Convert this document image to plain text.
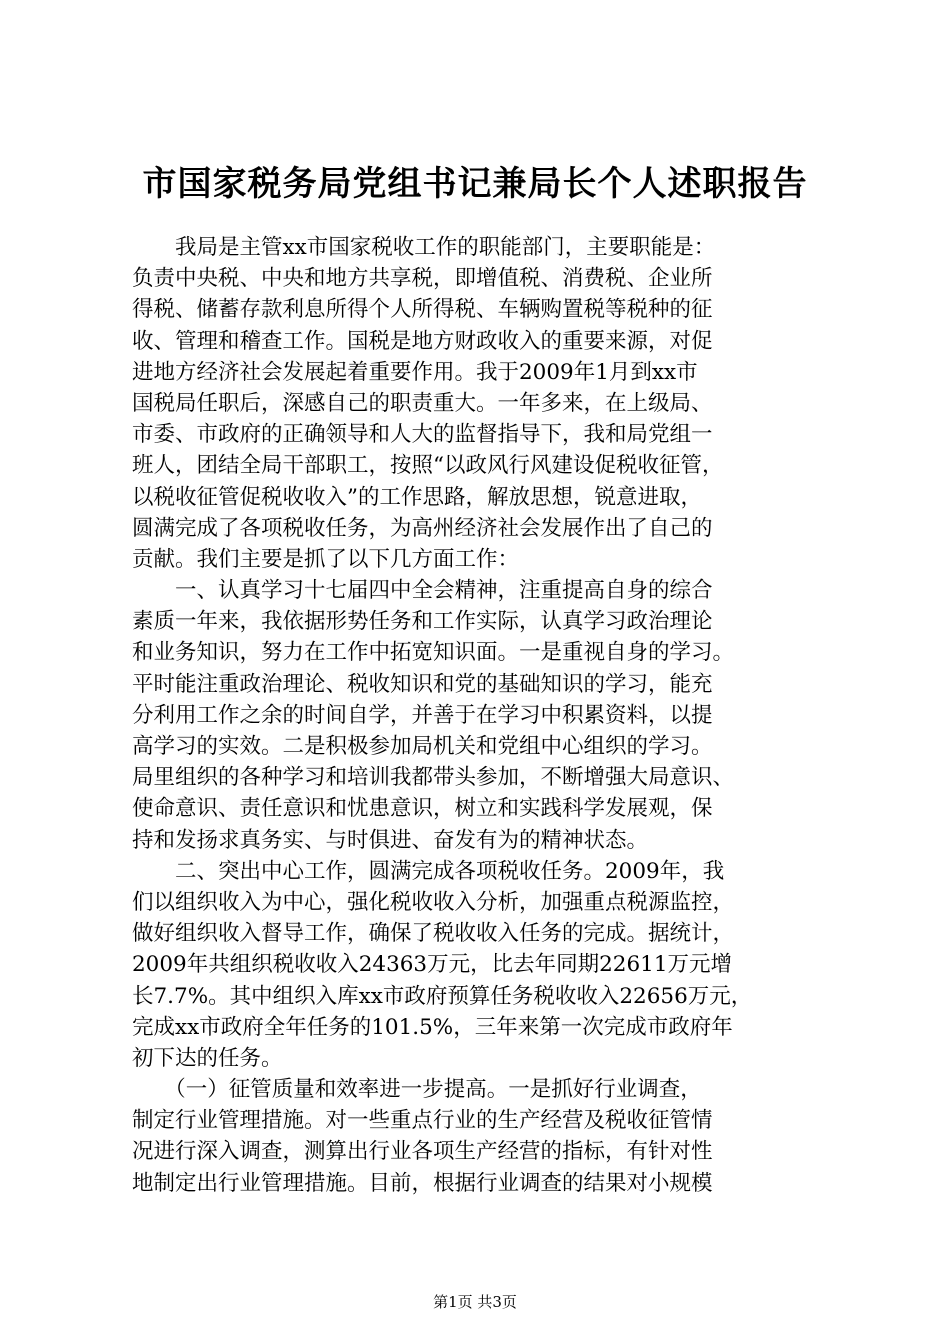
市国家税务局党组书记兼局长个人述职报告
　　我局是主管xx市国家税收工作的职能部门，主要职能是：
负责中央税、中央和地方共享税，即增值税、消费税、企业所
得税、储蓄存款利息所得个人所得税、车辆购置税等税种的征
收、管理和稽查工作。国税是地方财政收入的重要来源，对促
进地方经济社会发展起着重要作用。我于2009年1月到xx市
国税局任职后，深感自己的职责重大。一年多来，在上级局、
市委、市政府的正确领导和人大的监督指导下，我和局党组一
班人，团结全局干部职工，按照“以政风行风建设促税收征管，
以税收征管促税收收入”的工作思路，解放思想，锐意进取，
圆满完成了各项税收任务，为高州经济社会发展作出了自己的
贡献。我们主要是抓了以下几方面工作：
　　一、认真学习十七届四中全会精神，注重提高自身的综合
素质一年来，我依据形势任务和工作实际，认真学习政治理论
和业务知识，努力在工作中拓宽知识面。一是重视自身的学习。
平时能注重政治理论、税收知识和党的基础知识的学习，能充
分利用工作之余的时间自学，并善于在学习中积累资料，以提
高学习的实效。二是积极参加局机关和党组中心组织的学习。
局里组织的各种学习和培训我都带头参加，不断增强大局意识、
使命意识、责任意识和忧患意识，树立和实践科学发展观，保
持和发扬求真务实、与时俱进、奋发有为的精神状态。
　　二、突出中心工作，圆满完成各项税收任务。2009年，我
们以组织收入为中心，强化税收收入分析，加强重点税源监控，
做好组织收入督导工作，确保了税收收入任务的完成。据统计，
2009年共组织税收收入24363万元，比去年同期22611万元增
长7.7%。其中组织入库xx市政府预算任务税收收入22656万元，
完成xx市政府全年任务的101.5%，三年来第一次完成市政府年
初下达的任务。
　　（一）征管质量和效率进一步提高。一是抓好行业调查，
制定行业管理措施。对一些重点行业的生产经营及税收征管情
况进行深入调查，测算出行业各项生产经营的指标，有针对性
地制定出行业管理措施。目前，根据行业调查的结果对小规模
第1页 共3页
